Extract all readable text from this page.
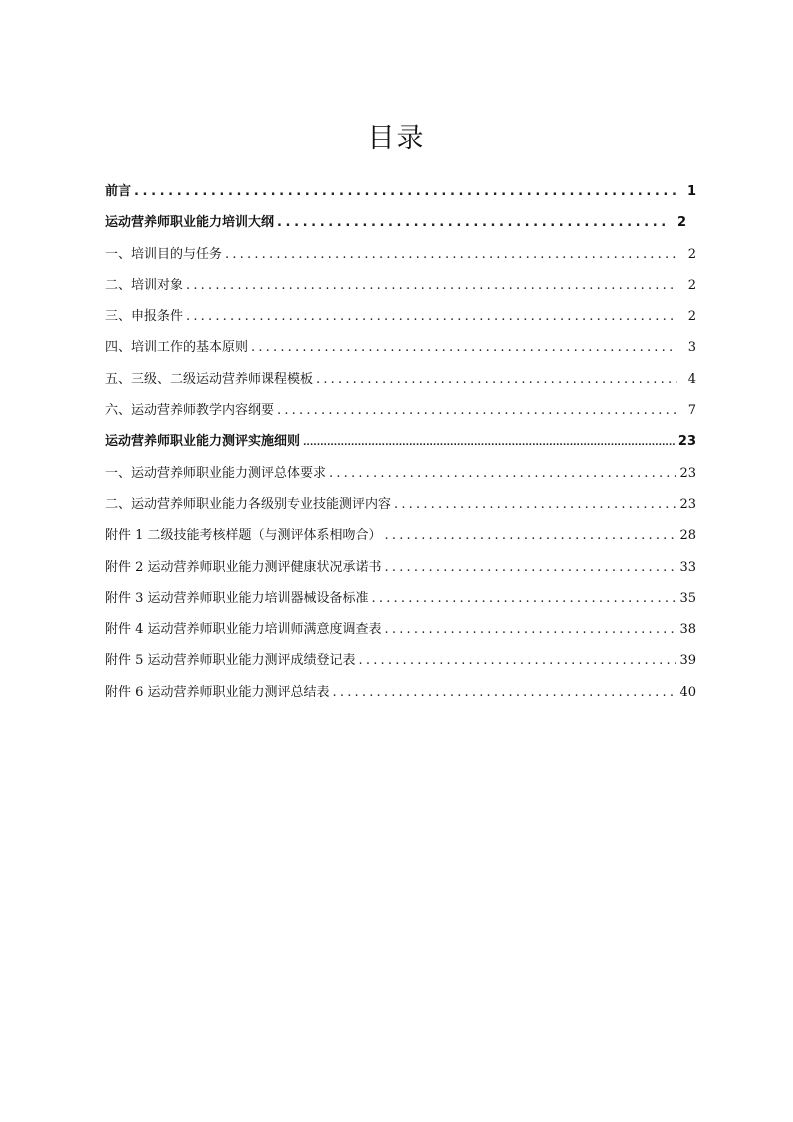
目录
前言 .....	1
运动营养师职业能力培训大纲 .....	2
一、培训目的与任务 .....	2
二、培训对象 .....	2
三、申报条件 .....	2
四、培训工作的基本原则 .....	3
五、三级、二级运动营养师课程模板 .....	4
六、运动营养师教学内容纲要 .....	7
运动营养师职业能力测评实施细则 .....	23
一、运动营养师职业能力测评总体要求 .....	23
二、运动营养师职业能力各级别专业技能测评内容 .....	23
附件 1 二级技能考核样题（与测评体系相吻合） .....	28
附件 2 运动营养师职业能力测评健康状况承诺书 .....	33
附件 3 运动营养师职业能力培训器械设备标准 .....	35
附件 4 运动营养师职业能力培训师满意度调查表 .....	38
附件 5 运动营养师职业能力测评成绩登记表 .....	39
附件 6 运动营养师职业能力测评总结表 .....	40
